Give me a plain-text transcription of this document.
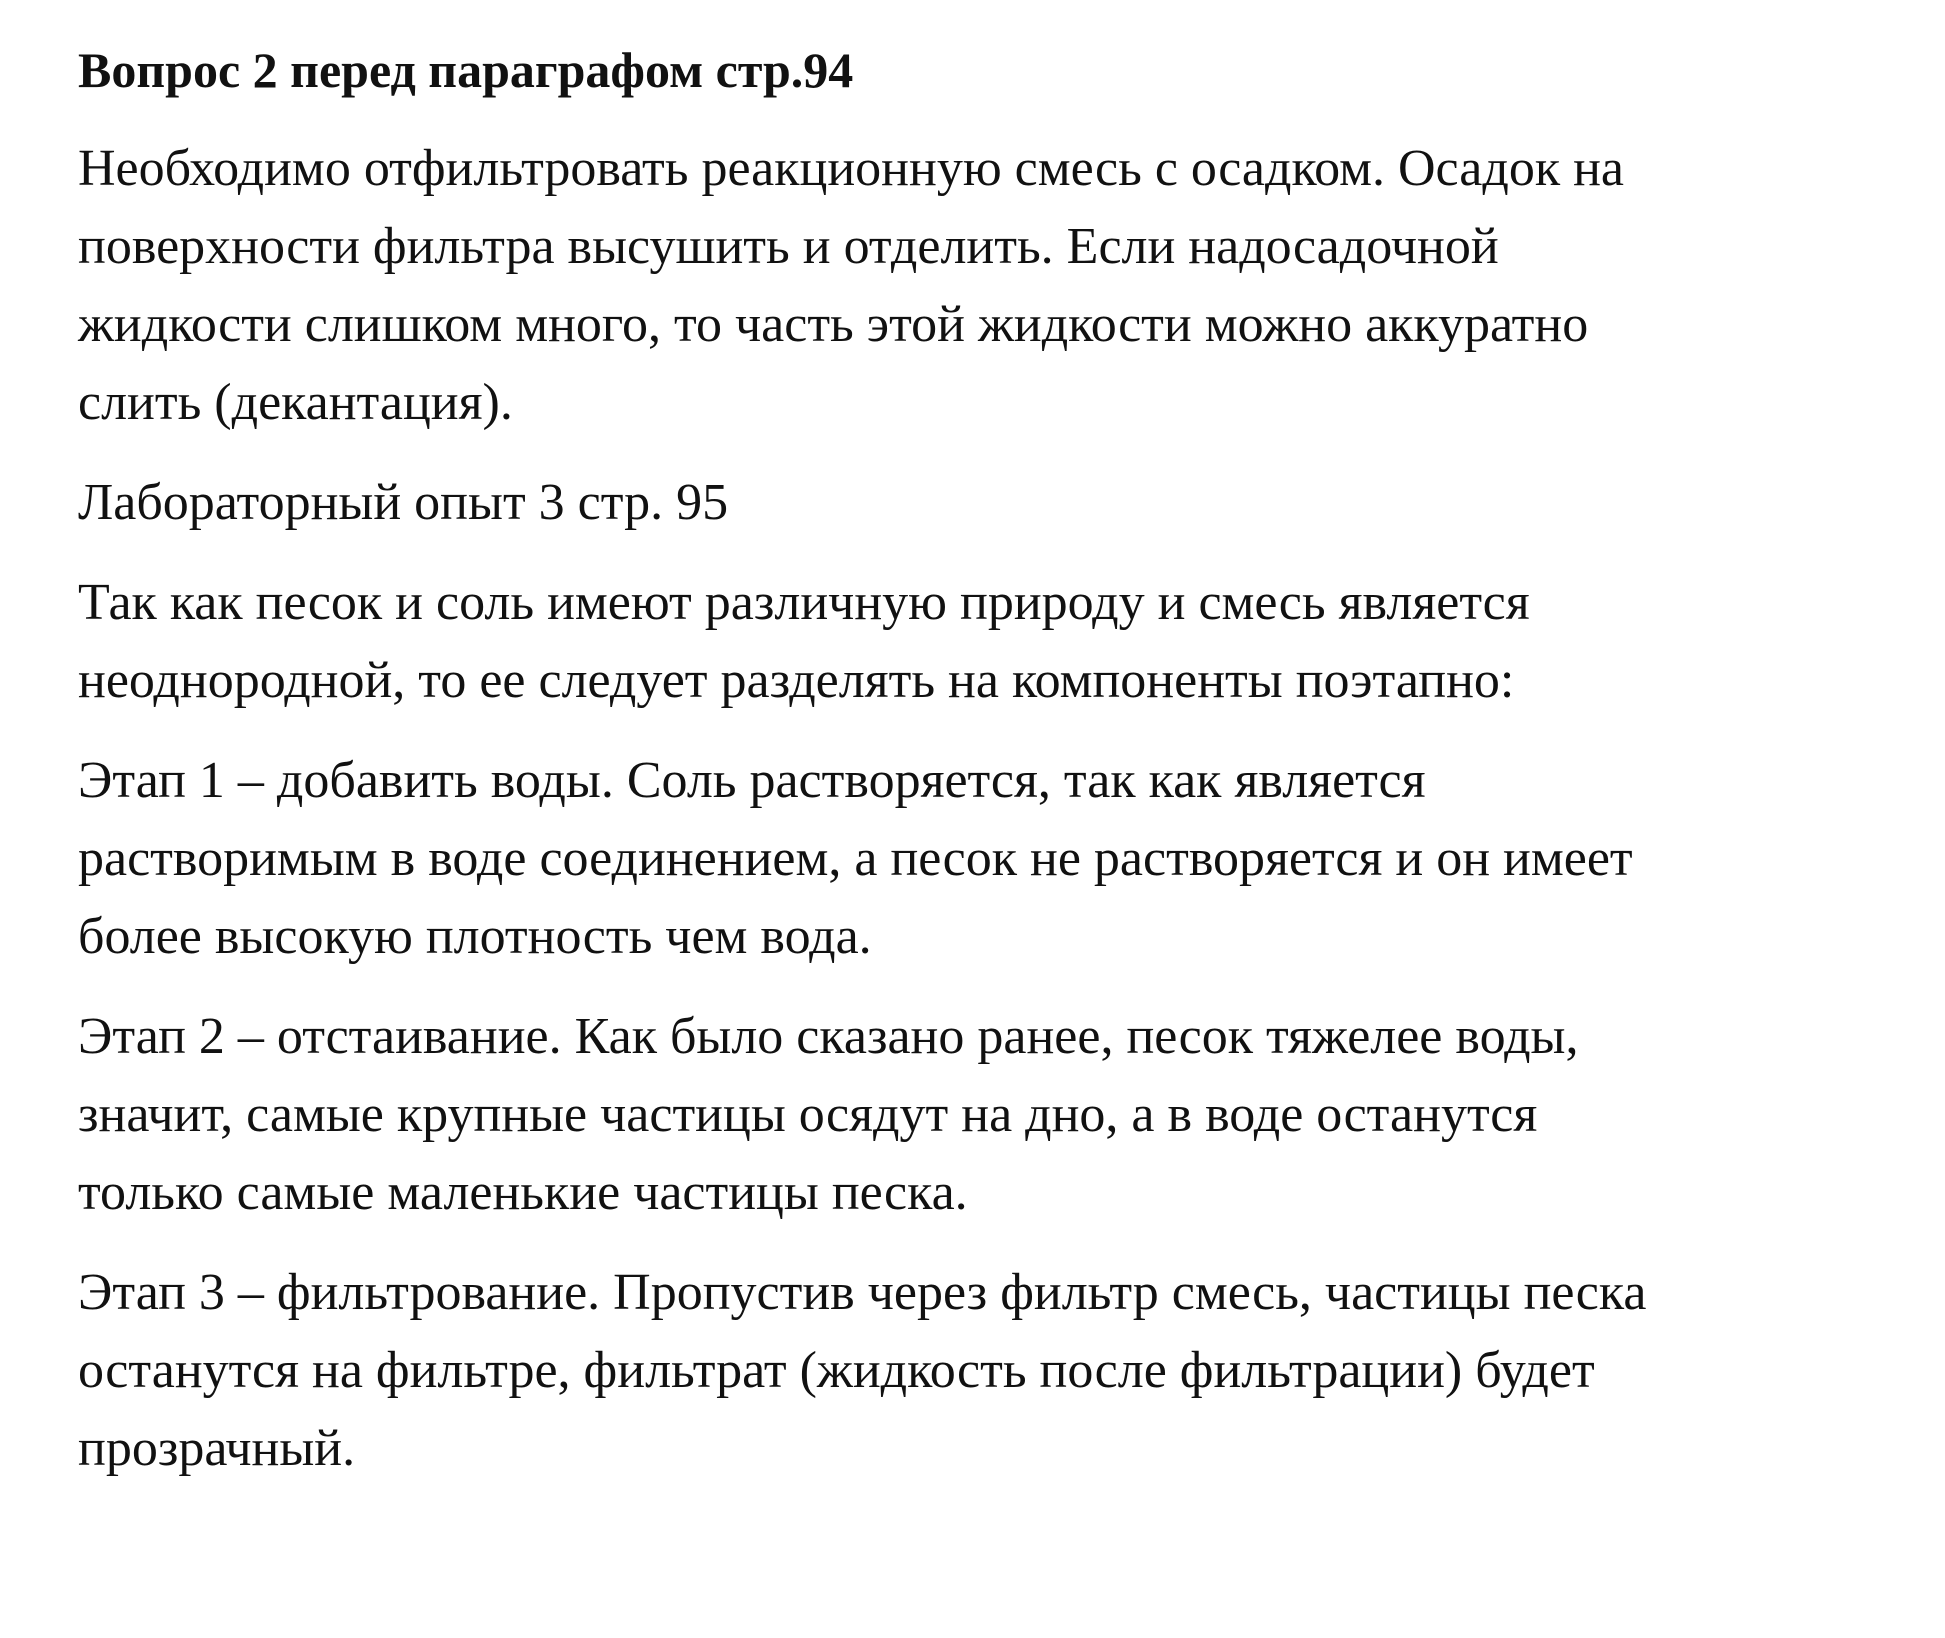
Вопрос 2 перед параграфом стр.94
Необходимо отфильтровать реакционную смесь с осадком. Осадок на
поверхности фильтра высушить и отделить. Если надосадочной
жидкости слишком много, то часть этой жидкости можно аккуратно
слить (декантация).
Лабораторный опыт 3 стр. 95
Так как песок и соль имеют различную природу и смесь является
неоднородной, то ее следует разделять на компоненты поэтапно:
Этап 1 – добавить воды. Соль растворяется, так как является
растворимым в воде соединением, а песок не растворяется и он имеет
более высокую плотность чем вода.
Этап 2 – отстаивание. Как было сказано ранее, песок тяжелее воды,
значит, самые крупные частицы осядут на дно, а в воде останутся
только самые маленькие частицы песка.
Этап 3 – фильтрование. Пропустив через фильтр смесь, частицы песка
останутся на фильтре, фильтрат (жидкость после фильтрации) будет
прозрачный.
